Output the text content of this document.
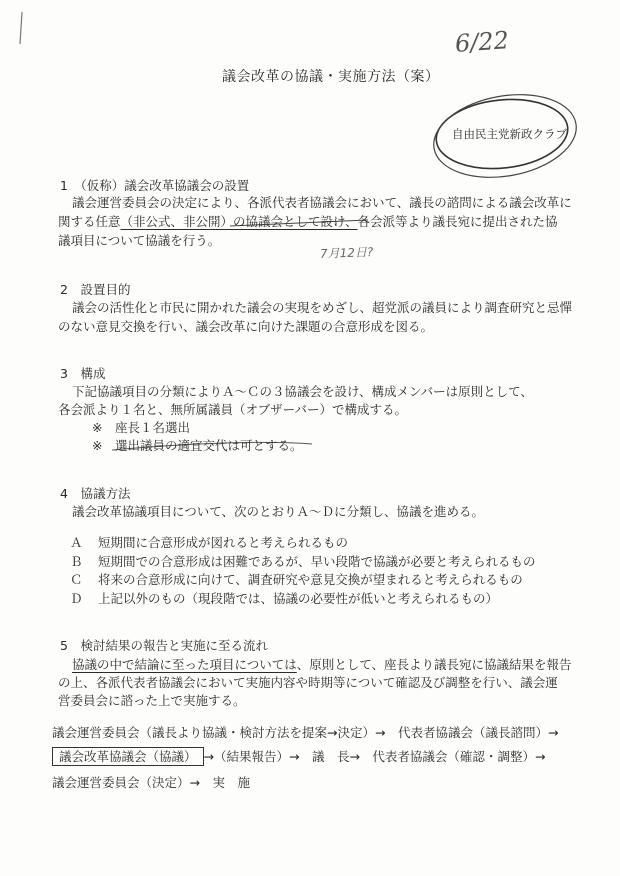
6/22
議会改革の協議・実施方法（案）
自由民主党新政クラブ
1　（仮称）議会改革協議会の設置
議会運営委員会の決定により、各派代表者協議会において、議長の諮問による議会改革に
関する任意（非公式、非公開）の協議会として設け、各会派等より議長宛に提出された協
議項目について協議を行う。
7月12日?
2　設置目的
議会の活性化と市民に開かれた議会の実現をめざし、超党派の議員により調査研究と忌憚
のない意見交換を行い、議会改革に向けた課題の合意形成を図る。
3　構成
下記協議項目の分類によりＡ～Ｃの３協議会を設け、構成メンバーは原則として、
各会派より１名と、無所属議員（オブザーバー）で構成する。
※　座長１名選出
※　選出議員の適宜交代は可とする。
4　協議方法
議会改革協議項目について、次のとおりＡ～Ｄに分類し、協議を進める。
Ａ 短期間に合意形成が図れると考えられるもの
Ｂ 短期間での合意形成は困難であるが、早い段階で協議が必要と考えられるもの
Ｃ 将来の合意形成に向けて、調査研究や意見交換が望まれると考えられるもの
Ｄ 上記以外のもの（現段階では、協議の必要性が低いと考えられるもの）
5　検討結果の報告と実施に至る流れ
協議の中で結論に至った項目については、原則として、座長より議長宛に協議結果を報告
の上、各派代表者協議会において実施内容や時期等について確認及び調整を行い、議会運
営委員会に諮った上で実施する。
議会運営委員会（議長より協議・検討方法を提案→決定）→　代表者協議会（議長諮問）→
議会改革協議会（協議） →（結果報告）→　議　長→　代表者協議会（確認・調整）→
議会運営委員会（決定）→　実　施
